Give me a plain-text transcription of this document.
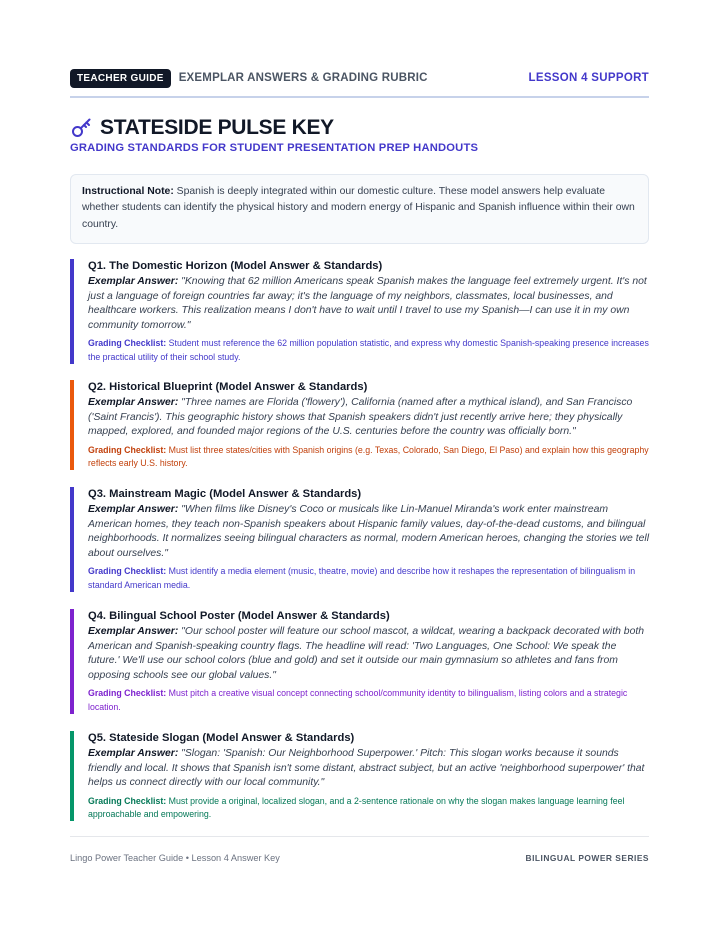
TEACHER GUIDE	EXEMPLAR ANSWERS & GRADING RUBRIC	LESSON 4 SUPPORT
STATESIDE PULSE KEY
GRADING STANDARDS FOR STUDENT PRESENTATION PREP HANDOUTS
Instructional Note: Spanish is deeply integrated within our domestic culture. These model answers help evaluate whether students can identify the physical history and modern energy of Hispanic and Spanish influence within their own country.
Q1. The Domestic Horizon (Model Answer & Standards)
Exemplar Answer: "Knowing that 62 million Americans speak Spanish makes the language feel extremely urgent. It's not just a language of foreign countries far away; it's the language of my neighbors, classmates, local businesses, and healthcare workers. This realization means I don't have to wait until I travel to use my Spanish—I can use it in my own community tomorrow."
Grading Checklist: Student must reference the 62 million population statistic, and express why domestic Spanish-speaking presence increases the practical utility of their school study.
Q2. Historical Blueprint (Model Answer & Standards)
Exemplar Answer: "Three names are Florida ('flowery'), California (named after a mythical island), and San Francisco ('Saint Francis'). This geographic history shows that Spanish speakers didn't just recently arrive here; they physically mapped, explored, and founded major regions of the U.S. centuries before the country was officially born."
Grading Checklist: Must list three states/cities with Spanish origins (e.g. Texas, Colorado, San Diego, El Paso) and explain how this geography reflects early U.S. history.
Q3. Mainstream Magic (Model Answer & Standards)
Exemplar Answer: "When films like Disney's Coco or musicals like Lin-Manuel Miranda's work enter mainstream American homes, they teach non-Spanish speakers about Hispanic family values, day-of-the-dead customs, and bilingual neighborhoods. It normalizes seeing bilingual characters as normal, modern American heroes, changing the stories we tell about ourselves."
Grading Checklist: Must identify a media element (music, theatre, movie) and describe how it reshapes the representation of bilingualism in standard American media.
Q4. Bilingual School Poster (Model Answer & Standards)
Exemplar Answer: "Our school poster will feature our school mascot, a wildcat, wearing a backpack decorated with both American and Spanish-speaking country flags. The headline will read: 'Two Languages, One School: We speak the future.' We'll use our school colors (blue and gold) and set it outside our main gymnasium so athletes and fans from opposing schools see our global values."
Grading Checklist: Must pitch a creative visual concept connecting school/community identity to bilingualism, listing colors and a strategic location.
Q5. Stateside Slogan (Model Answer & Standards)
Exemplar Answer: "Slogan: 'Spanish: Our Neighborhood Superpower.' Pitch: This slogan works because it sounds friendly and local. It shows that Spanish isn't some distant, abstract subject, but an active 'neighborhood superpower' that helps us connect directly with our local community."
Grading Checklist: Must provide a original, localized slogan, and a 2-sentence rationale on why the slogan makes language learning feel approachable and empowering.
Lingo Power Teacher Guide • Lesson 4 Answer Key	BILINGUAL POWER SERIES
